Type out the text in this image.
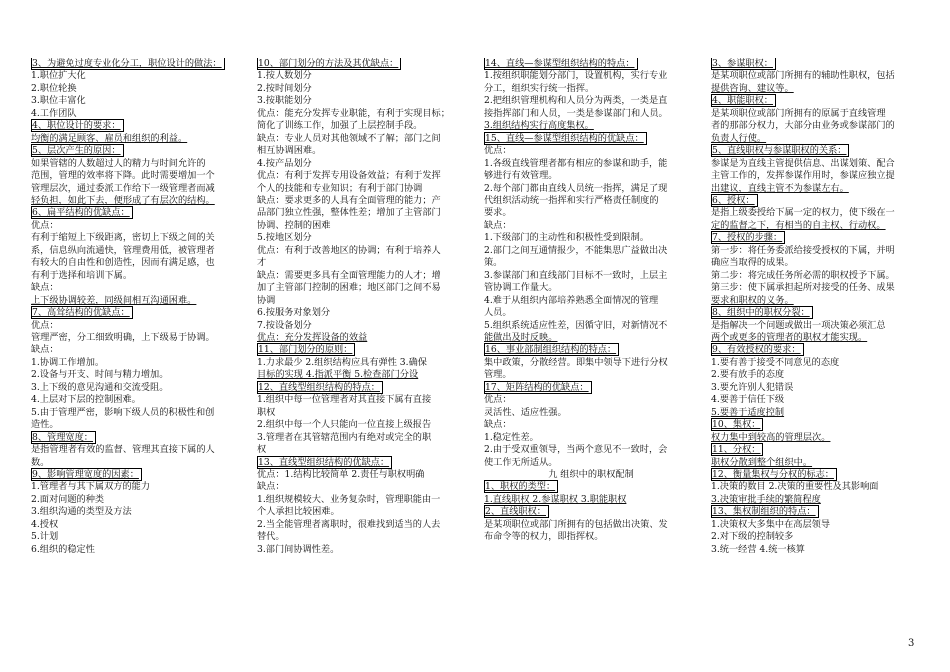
3、为避免过度专业化分工，职位设计的做法：
1.职位扩大化
2.职位轮换
3.职位丰富化
4.工作团队
4、职位设计的要求：
均衡的满足顾客、雇员和组织的利益。
5、层次产生的原因：
如果管辖的人数超过人的精力与时间允许的
范围，管理的效率将下降。此时需要增加一个
管理层次，通过委派工作给下一级管理者而减
轻负担，如此下去，便形成了有层次的结构。
6、扁平结构的优缺点：
优点：
有利于缩短上下级距离，密切上下级之间的关
系，信息纵向流通快，管理费用低，被管理者
有较大的自由性和创造性，因而有满足感，也
有利于选择和培训下属。
缺点：
上下级协调较差，同级间相互沟通困难。
7、高耸结构的优缺点：
优点：
管理严密，分工细致明确，上下级易于协调。
缺点：
1.协调工作增加。
2.设备与开支、时间与精力增加。
3.上下级的意见沟通和交流受阻。
4.上层对下层的控制困难。
5.由于管理严密，影响下级人员的积极性和创
造性。
8、管理宽度：
是指管理者有效的监督、管理其直接下属的人
数。
9、影响管理宽度的因素：
1.管理者与其下属双方的能力
2.面对问题的种类
3.组织沟通的类型及方法
4.授权
5.计划
6.组织的稳定性
10、部门划分的方法及其优缺点：
1.按人数划分
2.按时间划分
3.按职能划分
优点：能充分发挥专业职能，有利于实现目标；
简化了训练工作，加强了上层控制手段。
缺点：专业人员对其他领域不了解；部门之间
相互协调困难。
4.按产品划分
优点：有利于发挥专用设备效益；有利于发挥
个人的技能和专业知识；有利于部门协调
缺点：要求更多的人具有全面管理的能力；产
品部门独立性强，整体性差；增加了主管部门
协调、控制的困难
5.按地区划分
优点：有利于改善地区的协调；有利于培养人
才
缺点：需要更多具有全面管理能力的人才；增
加了主管部门控制的困难；地区部门之间不易
协调
6.按服务对象划分
7.按设备划分
优点：充分发挥设备的效益
11、部门划分的原则：
1.力求最少 2.组织结构应具有弹性 3.确保
目标的实现 4.指派平衡 5.检查部门分设
12、直线型组织结构的特点：
1.组织中每一位管理者对其直接下属有直接
职权
2.组织中每一个人只能向一位直接上级报告
3.管理者在其管辖范围内有绝对或完全的职
权
13、直线型组织结构的优缺点：
优点：1.结构比较简单 2.责任与职权明确
缺点：
1.组织规模较大、业务复杂时，管理职能由一
个人承担比较困难。
2.当全能管理者离职时，很难找到适当的人去
替代。
3.部门间协调性差。
14、直线—参谋型组织结构的特点：
1.按组织职能划分部门，设置机构，实行专业
分工，组织实行统一指挥。
2.把组织管理机构和人员分为两类，一类是直
接指挥部门和人员，一类是参谋部门和人员。
3.组织结构实行高度集权。
15、直线—参谋型组织结构的优缺点：
优点：
1.各级直线管理者都有相应的参谋和助手，能
够进行有效管理。
2.每个部门都由直线人员统一指挥，满足了现
代组织活动统一指挥和实行严格责任制度的
要求。
缺点：
1.下级部门的主动性和积极性受到限制。
2.部门之间互通情报少，不能集思广益做出决
策。
3.参谋部门和直线部门目标不一致时，上层主
管协调工作量大。
4.难于从组织内部培养熟悉全面情况的管理
人员。
5.组织系统适应性差，因循守旧，对新情况不
能做出及时反映。
16、事业部制组织结构的特点：
集中政策，分散经营。即集中领导下进行分权
管理。
17、矩阵结构的优缺点：
优点：
灵活性、适应性强。
缺点：
1.稳定性差。
2.由于受双重领导，当两个意见不一致时，会
使工作无所适从。
九 组织中的职权配制
1、职权的类型：
1.直线职权 2.参谋职权 3.职能职权
2、直线职权：
是某项职位或部门所拥有的包括做出决策、发
布命令等的权力，即指挥权。
3、参谋职权：
是某项职位或部门所拥有的辅助性职权，包括
提供咨询、建议等。
4、职能职权：
是某项职位或部门所拥有的原属于直线管理
者的那部分权力，大部分由业务或参谋部门的
负责人行使。
5、直线职权与参谋职权的关系：
参谋是为直线主管提供信息、出谋划策、配合
主管工作的，发挥参谋作用时，参谋应独立提
出建议，直线主管不为参谋左右。
6、授权：
是指上级委授给下属一定的权力，使下级在一
定的监督之下，有相当的自主权、行动权。
7、授权的步骤：
第一步：将任务委派给接受授权的下属，并明
确应当取得的成果。
第二步：将完成任务所必需的职权授予下属。
第三步：使下属承担起所对接受的任务、成果
要求和职权的义务。
8、组织中的职权分裂：
是指解决一个问题或做出一项决策必须汇总
两个或更多的管理者的职权才能实现。
9、有效授权的要求：
1.要有善于接受不同意见的态度
2.要有放手的态度
3.要允许别人犯错误
4.要善于信任下级
5.要善于适度控制
10、集权：
权力集中到较高的管理层次。
11、分权：
职权分散到整个组织中。
12、衡量集权与分权的标志：
1.决策的数目 2.决策的重要性及其影响面
3.决策审批手续的繁简程度
13、集权制组织的特点：
1.决策权大多集中在高层领导
2.对下级的控制较多
3.统一经营 4.统一核算
3
